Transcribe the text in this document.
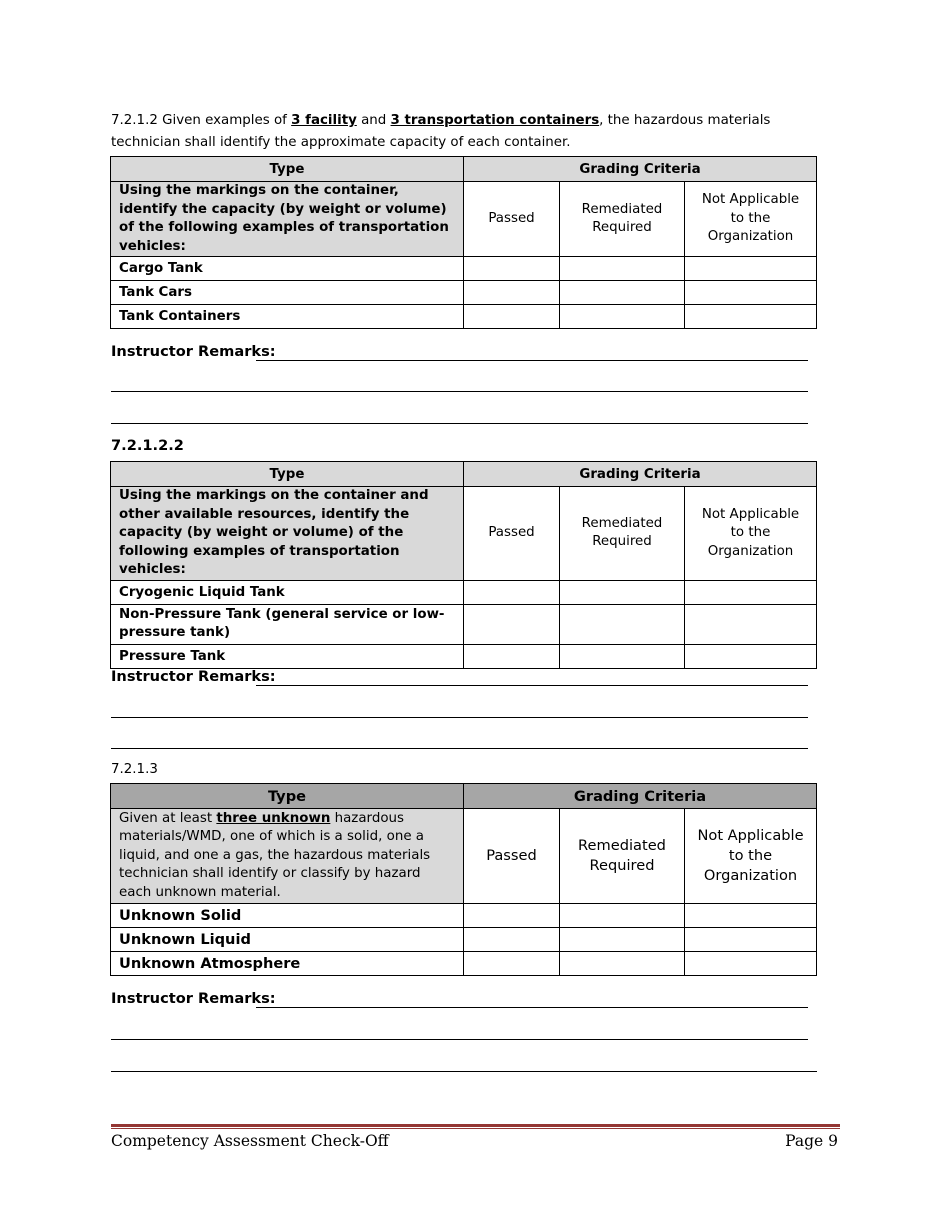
7.2.1.2 Given examples of 3 facility and 3 transportation containers, the hazardous materials technician shall identify the approximate capacity of each container.
Type	Grading Criteria		
Using the markings on the container, identify the capacity (by weight or volume) of the following examples of transportation vehicles:	Passed	Remediated Required	Not Applicable to the Organization
Cargo Tank			
Tank Cars			
Tank Containers			
Instructor Remarks:
7.2.1.2.2
Type	Grading Criteria		
Using the markings on the container and other available resources, identify the capacity (by weight or volume) of the following examples of transportation vehicles:	Passed	Remediated Required	Not Applicable to the Organization
Cryogenic Liquid Tank			
Non-Pressure Tank (general service or low-pressure tank)			
Pressure Tank			
Instructor Remarks:
7.2.1.3
Type	Grading Criteria		
Given at least three unknown hazardous materials/WMD, one of which is a solid, one a liquid, and one a gas, the hazardous materials technician shall identify or classify by hazard each unknown material.	Passed	Remediated Required	Not Applicable to the Organization
Unknown Solid			
Unknown Liquid			
Unknown Atmosphere			
Instructor Remarks:
Competency Assessment Check-Off	Page 9
